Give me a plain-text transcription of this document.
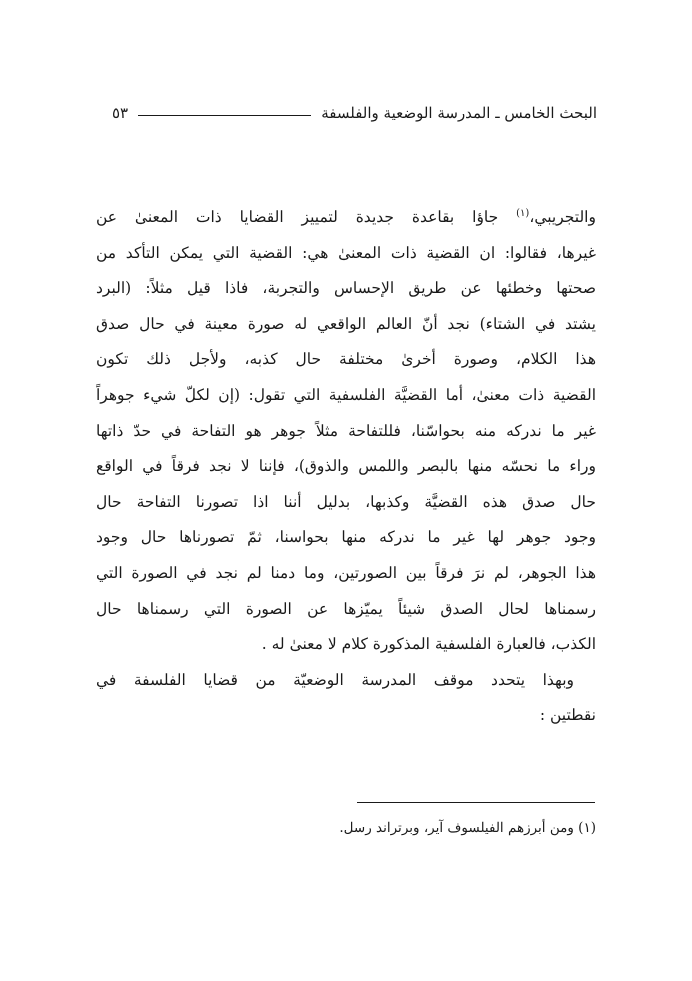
البحث الخامس ـ المدرسة الوضعية والفلسفة
٥٣
والتجريبي،$^{(١)}$ جاؤا بقاعدة جديدة لتمييز القضايا ذات المعنىٰ عن
غيرها، فقالوا: ان القضية ذات المعنىٰ هي: القضية التي يمكن التأكد من
صحتها وخطئها عن طريق الإحساس والتجربة، فاذا قيل مثلاً: (البرد
يشتد في الشتاء) نجد أنّ العالم الواقعي له صورة معينة في حال صدق
هذا الكلام، وصورة أخرىٰ مختلفة حال كذبه، ولأجل ذلك تكون
القضية ذات معنىٰ، أما القضيَّة الفلسفية التي تقول: (إن لكلّ شيء جوهراً
غير ما ندركه منه بحواسّنا، فللتفاحة مثلاً جوهر هو التفاحة في حدّ ذاتها
وراء ما نحسّه منها بالبصر واللمس والذوق)، فإننا لا نجد فرقاً في الواقع
حال صدق هذه القضيَّة وكذبها، بدليل أننا اذا تصورنا التفاحة حال
وجود جوهر لها غير ما ندركه منها بحواسنا، ثمّ تصورناها حال وجود
هذا الجوهر، لم نرَ فرقاً بين الصورتين، وما دمنا لم نجد في الصورة التي
رسمناها لحال الصدق شيئاً يميّزها عن الصورة التي رسمناها حال
الكذب، فالعبارة الفلسفية المذكورة كلام لا معنىٰ له .
وبهذا يتحدد موقف المدرسة الوضعيّة من قضايا الفلسفة في
نقطتين :
(١) ومن أبرزهم الفيلسوف آير، وبرتراند رسل.
